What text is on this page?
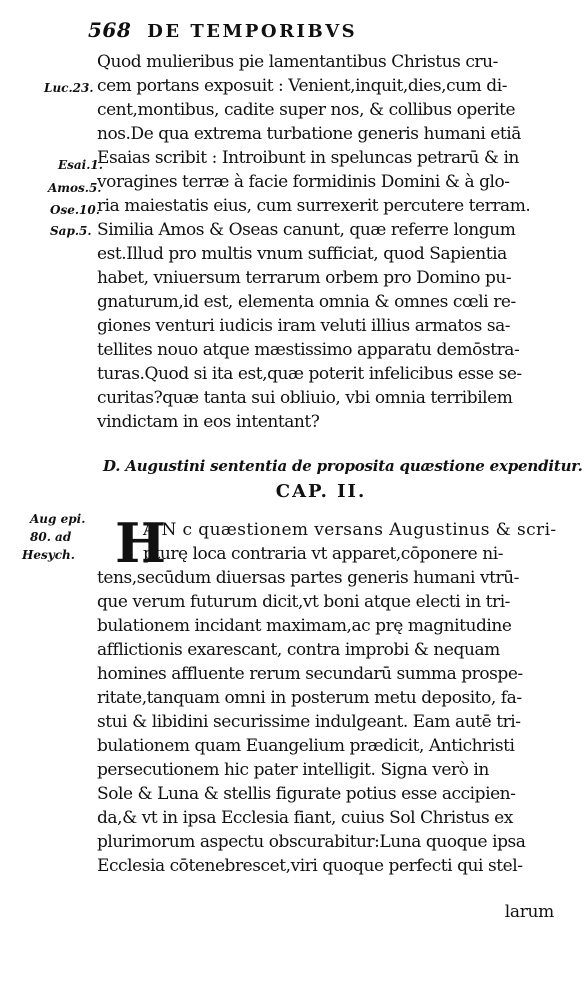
568 DE TEMPORIBVS
Luc.23.
Esai.1.
Amos.5.
Ose.10.
Sap.5.
Aug epi.
80. ad
Hesych.
Quod mulieribus pie lamentantibus Christus cru-
cem portans exposuit : Venient,inquit,dies,cum di-
cent,montibus, cadite super nos, & collibus operite
nos.De qua extrema turbatione generis humani etiā
Esaias scribit : Introibunt in speluncas petrarū & in
voragines terræ à facie formidinis Domini & à glo-
ria maiestatis eius, cum surrexerit percutere terram.
Similia Amos & Oseas canunt, quæ referre longum
est.Illud pro multis vnum sufficiat, quod Sapientia
habet, vniuersum terrarum orbem pro Domino pu-
gnaturum,id est, elementa omnia & omnes cœli re-
giones venturi iudicis iram veluti illius armatos sa-
tellites nouo atque mæstissimo apparatu demōstra-
turas.Quod si ita est,quæ poterit infelicibus esse se-
curitas?quæ tanta sui obliuio, vbi omnia terribilem
vindictam in eos intentant?
D. Augustini sententia de proposita quæstione expenditur.
CAP. II.
H
A N c quæstionem versans Augustinus & scri-
pturę loca contraria vt apparet,cōponere ni-
tens,secūdum diuersas partes generis humani vtrū-
que verum futurum dicit,vt boni atque electi in tri-
bulationem incidant maximam,ac prę magnitudine
afflictionis exarescant, contra improbi & nequam
homines affluente rerum secundarū summa prospe-
ritate,tanquam omni in posterum metu deposito, fa-
stui & libidini securissime indulgeant. Eam autē tri-
bulationem quam Euangelium prædicit, Antichristi
persecutionem hic pater intelligit. Signa verò in
Sole & Luna & stellis figurate potius esse accipien-
da,& vt in ipsa Ecclesia fiant, cuius Sol Christus ex
plurimorum aspectu obscurabitur:Luna quoque ipsa
Ecclesia cōtenebrescet,viri quoque perfecti qui stel-
larum
